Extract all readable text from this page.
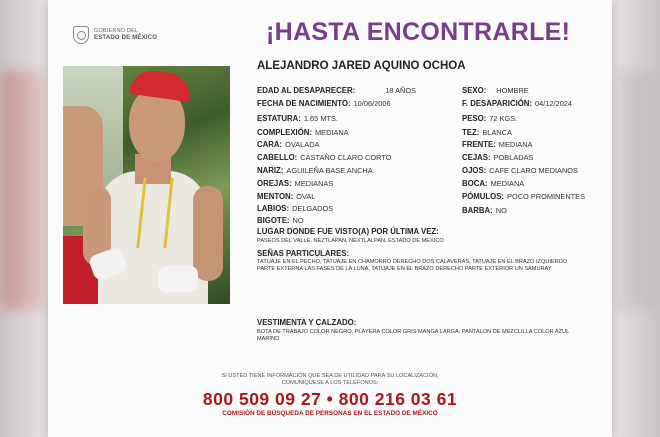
GOBIERNO DEL
ESTADO DE MÉXICO	¡HASTA ENCONTRARLE!
ALEJANDRO JARED AQUINO OCHOA
EDAD AL DESAPARECER:	18 AÑOS	SEXO: HOMBRE
FECHA DE NACIMIENTO: 10/06/2006	F. DESAPARICIÓN: 04/12/2024
ESTATURA: 1.65 MTS.	PESO: 72 KGS.
COMPLEXIÓN: MEDIANA	TEZ: BLANCA
CARA: OVALADA	FRENTE: MEDIANA
CABELLO: CASTAÑO CLARO CORTO	CEJAS: POBLADAS
NARIZ: AGUILEÑA BASE ANCHA	OJOS: CAFE CLARO MEDIANOS
OREJAS: MEDIANAS	BOCA: MEDIANA
MENTON: OVAL	PÓMULOS: POCO PROMINENTES
LABIOS: DELGADOS	BARBA: NO
BIGOTE: NO
LUGAR DONDE FUE VISTO(A) POR ÚLTIMA VEZ:
PASEOS DEL VALLE. NEZTLAPAN, NEXTLALPAN, ESTADO DE MEXICO
SEÑAS PARTICULARES:
TATUAJE EN EL PECHO, TATUAJE EN CHAMORRO DERECHO DOS CALAVERAS, TATUAJE EN EL BRAZO IZQUIERDO
PARTE EXTERNA LAS FASES DE LA LUNA, TATUAJE EN EL BRAZO DERECHO PARTE EXTERIOR UN SAMURAY
VESTIMENTA Y CALZADO:
BOTA DE TRABAJO COLOR NEGRO, PLAYERA COLOR GRIS MANGA LARGA, PANTALON DE MEZCLILLA COLOR AZUL
MARINO
SI USTED TIENE INFORMACIÓN QUE SEA DE UTILIDAD PARA SU LOCALIZACIÓN,
COMUNÍQUESE A LOS TELÉFONOS:
800 509 09 27 • 800 216 03 61
COMISIÓN DE BÚSQUEDA DE PERSONAS EN EL ESTADO DE MÉXICO
